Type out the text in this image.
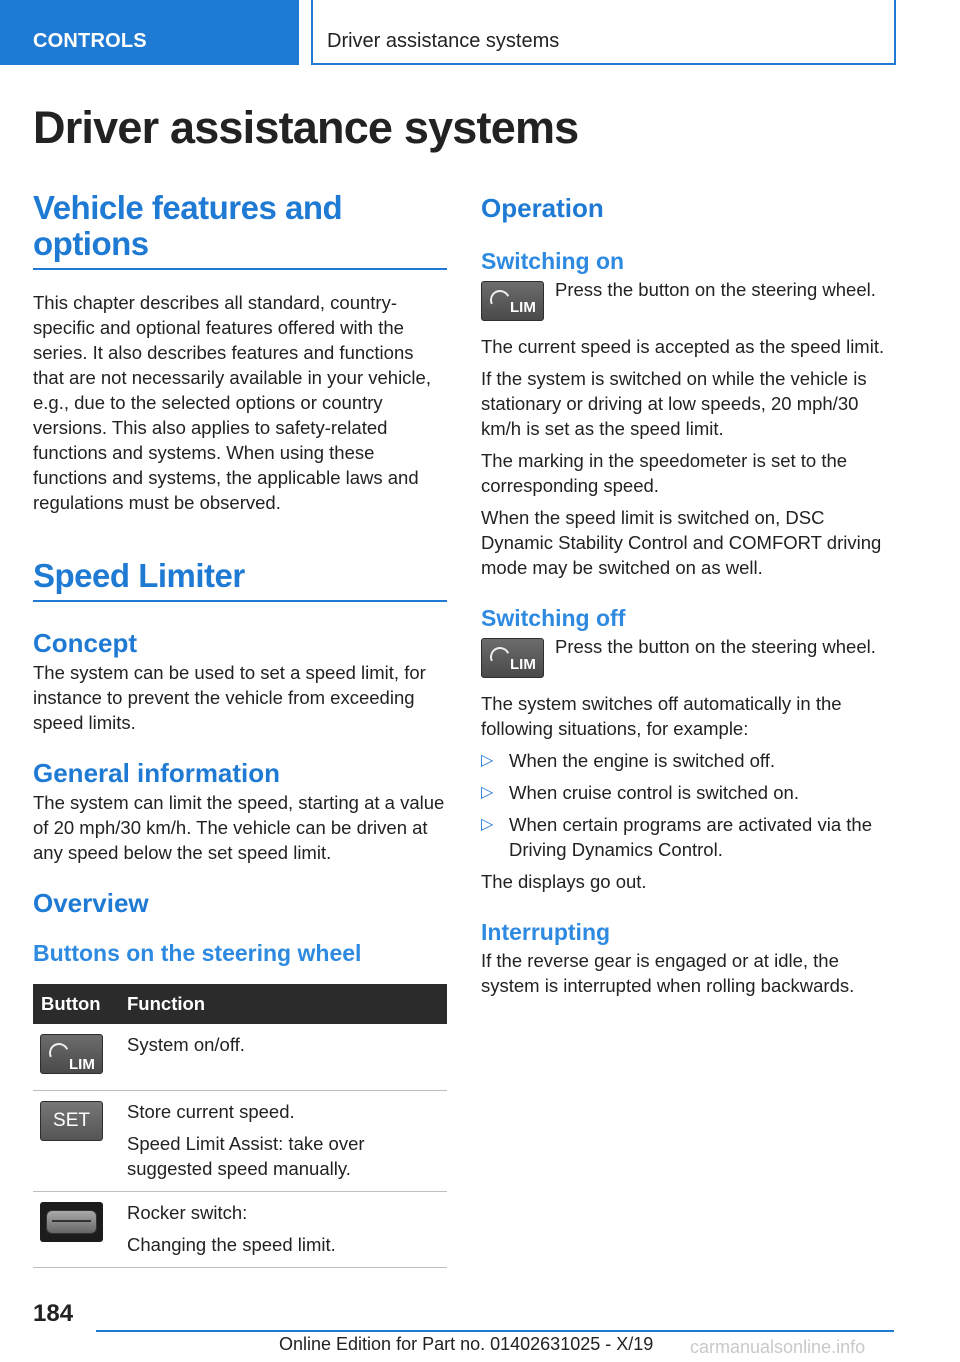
CONTROLS	Driver assistance systems
Driver assistance systems
Vehicle features and options
This chapter describes all standard, country-specific and optional features offered with the series. It also describes features and functions that are not necessarily available in your vehicle, e.g., due to the selected options or country versions. This also applies to safety-related functions and systems. When using these functions and systems, the applicable laws and regulations must be observed.
Speed Limiter
Concept
The system can be used to set a speed limit, for instance to prevent the vehicle from exceeding speed limits.
General information
The system can limit the speed, starting at a value of 20 mph/30 km/h. The vehicle can be driven at any speed below the set speed limit.
Overview
Buttons on the steering wheel
Button	Function

LIM	System on/off.

SET	Store current speed.
Speed Limit Assist: take over suggested speed manually.

	Rocker switch:
Changing the speed limit.
Operation
Switching on
LIM
Press the button on the steering wheel.
The current speed is accepted as the speed limit.
If the system is switched on while the vehicle is stationary or driving at low speeds, 20 mph/30 km/h is set as the speed limit.
The marking in the speedometer is set to the corresponding speed.
When the speed limit is switched on, DSC Dynamic Stability Control and COMFORT driving mode may be switched on as well.
Switching off
LIM
Press the button on the steering wheel.
The system switches off automatically in the following situations, for example:
▷ When the engine is switched off.
▷ When cruise control is switched on.
▷ When certain programs are activated via the Driving Dynamics Control.
The displays go out.
Interrupting
If the reverse gear is engaged or at idle, the system is interrupted when rolling backwards.
184
Online Edition for Part no. 01402631025 - X/19 carmanualsonline.info
